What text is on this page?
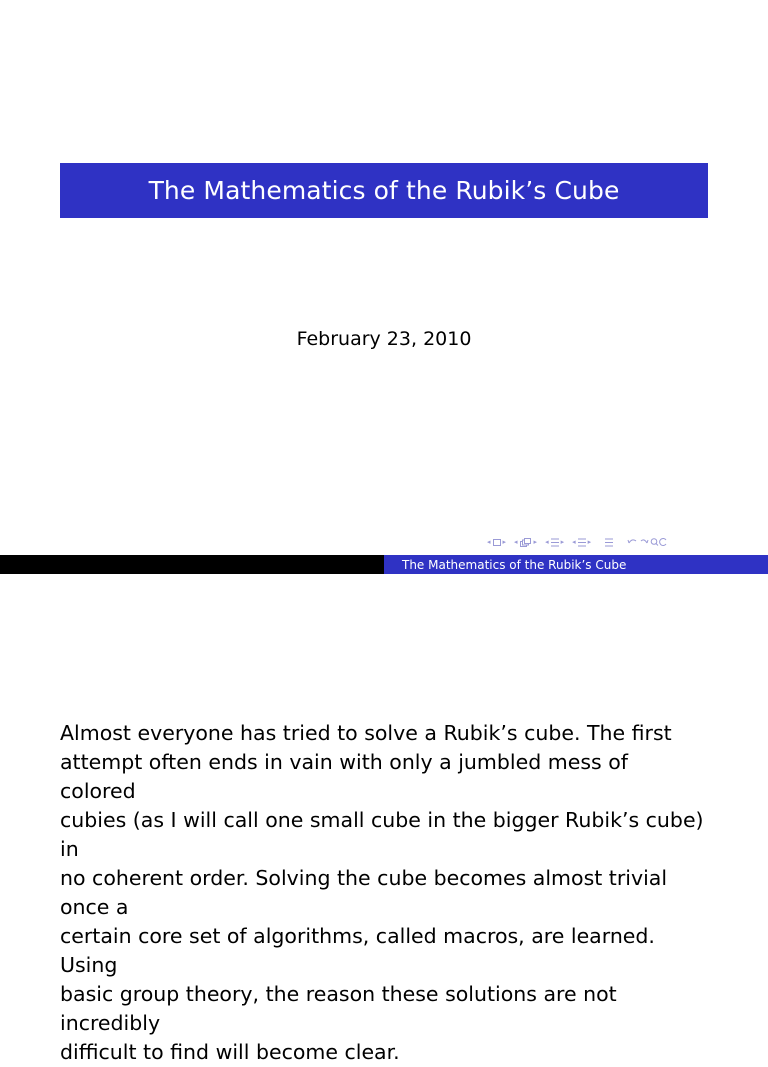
The Mathematics of the Rubik’s Cube
February 23, 2010
◂ ▸ ◂ ▸ ◂ ▸ ◂ ▸
The Mathematics of the Rubik’s Cube
Almost everyone has tried to solve a Rubik’s cube. The first
attempt often ends in vain with only a jumbled mess of colored
cubies (as I will call one small cube in the bigger Rubik’s cube) in
no coherent order. Solving the cube becomes almost trivial once a
certain core set of algorithms, called macros, are learned. Using
basic group theory, the reason these solutions are not incredibly
difficult to find will become clear.
